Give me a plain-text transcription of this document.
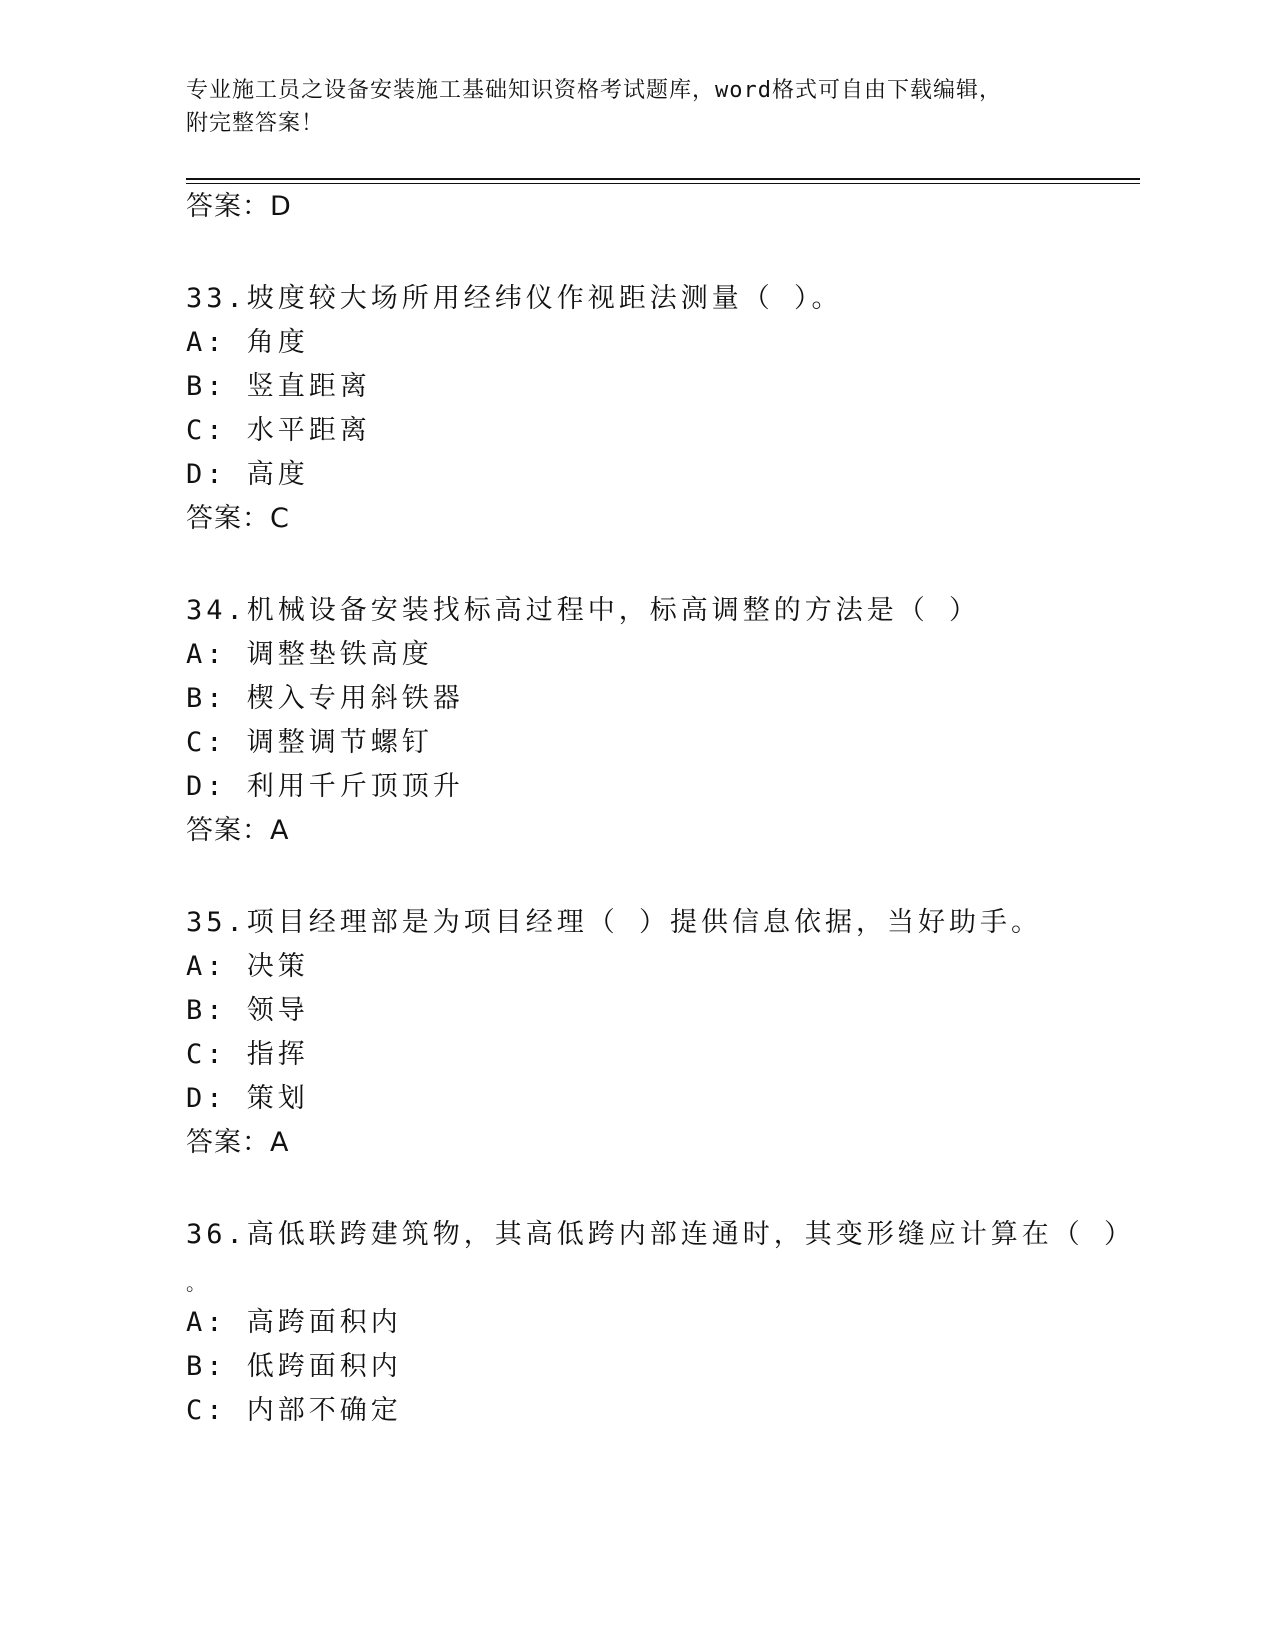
专业施工员之设备安装施工基础知识资格考试题库，word格式可自由下载编辑，
附完整答案！
答案：D
33.坡度较大场所用经纬仪作视距法测量（ ）。
A: 角度
B: 竖直距离
C: 水平距离
D: 高度
答案：C
34.机械设备安装找标高过程中，标高调整的方法是（ ）
A: 调整垫铁高度
B: 楔入专用斜铁器
C: 调整调节螺钉
D: 利用千斤顶顶升
答案：A
35.项目经理部是为项目经理（ ）提供信息依据，当好助手。
A: 决策
B: 领导
C: 指挥
D: 策划
答案：A
36.高低联跨建筑物，其高低跨内部连通时，其变形缝应计算在（ ）
。
A: 高跨面积内
B: 低跨面积内
C: 内部不确定
